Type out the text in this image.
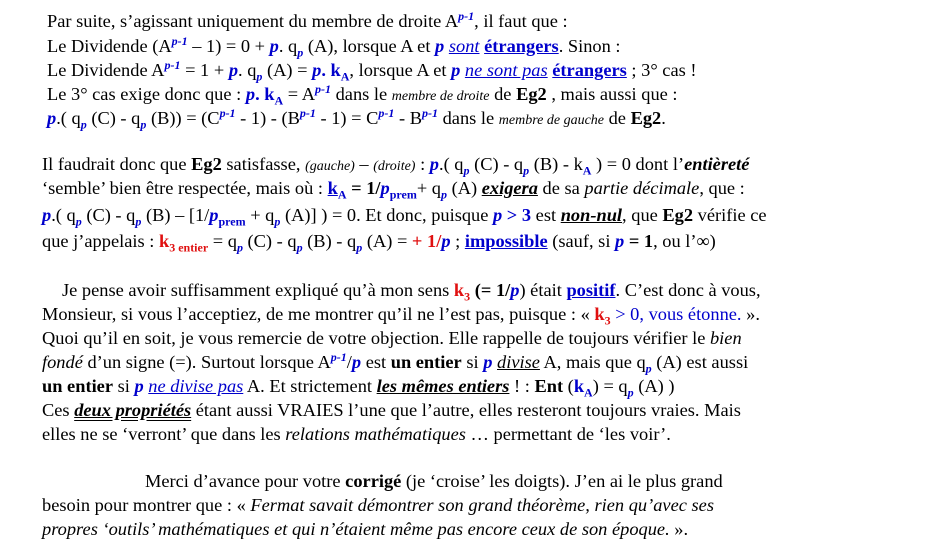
Par suite, s’agissant uniquement du membre de droite $A^{p-1}$, il faut que :
Le Dividende $(A^{p-1} - 1) = 0 + p$. $q_p$ (A), lorsque A et p sont étrangers. Sinon :
Le Dividende $A^{p-1} = 1 + p$. $q_p$ (A) = p. $k_A$, lorsque A et p ne sont pas étrangers ; 3° cas !
Le 3° cas exige donc que : p. $k_A = A^{p-1}$ dans le membre de droite de Eg2 , mais aussi que :
p.( $q_p$ $(C) - q_p$ $(B)) = (C^{p-1} - 1) - (B^{p-1} - 1) = C^{p-1} - B^{p-1}$ dans le membre de gauche de Eg2.
Il faudrait donc que Eg2 satisfasse, (gauche) – (droite) : p.( $q_p$ $(C) - q_p$ $(B) - k_A$ ) = 0 dont l’entièreté
‘semble’ bien être respectée, mais où : $k_A = 1/p_{prem}+ q_p$ (A) exigera de sa partie décimale, que :
p.( $q_p$ $(C) - q_p$ $(B) - [1/p_{prem} + q_p$ (A)] ) = 0. Et donc, puisque p > 3 est non-nul, que Eg2 vérifie ce
que j’appelais : $k_{3 entier} = q_p$ $(C) - q_p$ $(B) - q_p$ (A) = + 1/p ; impossible (sauf, si p = 1, ou l’∞)
Je pense avoir suffisamment expliqué qu’à mon sens $k_3$ (= 1/p) était positif. C’est donc à vous,
Monsieur, si vous l’acceptiez, de me montrer qu’il ne l’est pas, puisque : « $k_3 > 0$, vous étonne. ».
Quoi qu’il en soit, je vous remercie de votre objection. Elle rappelle de toujours vérifier le bien
fondé d’un signe (=). Surtout lorsque $A^{p-1}/p$ est un entier si p divise A, mais que $q_p$ (A) est aussi
un entier si p ne divise pas A. Et strictement les mêmes entiers ! : Ent $(k_A) = q_p$ (A) )
Ces deux propriétés étant aussi VRAIES l’une que l’autre, elles resteront toujours vraies. Mais
elles ne se ‘verront’ que dans les relations mathématiques … permettant de ‘les voir’.
Merci d’avance pour votre corrigé (je ‘croise’ les doigts). J’en ai le plus grand
besoin pour montrer que : « Fermat savait démontrer son grand théorème, rien qu’avec ses
propres ‘outils’ mathématiques et qui n’étaient même pas encore ceux de son époque. ».
